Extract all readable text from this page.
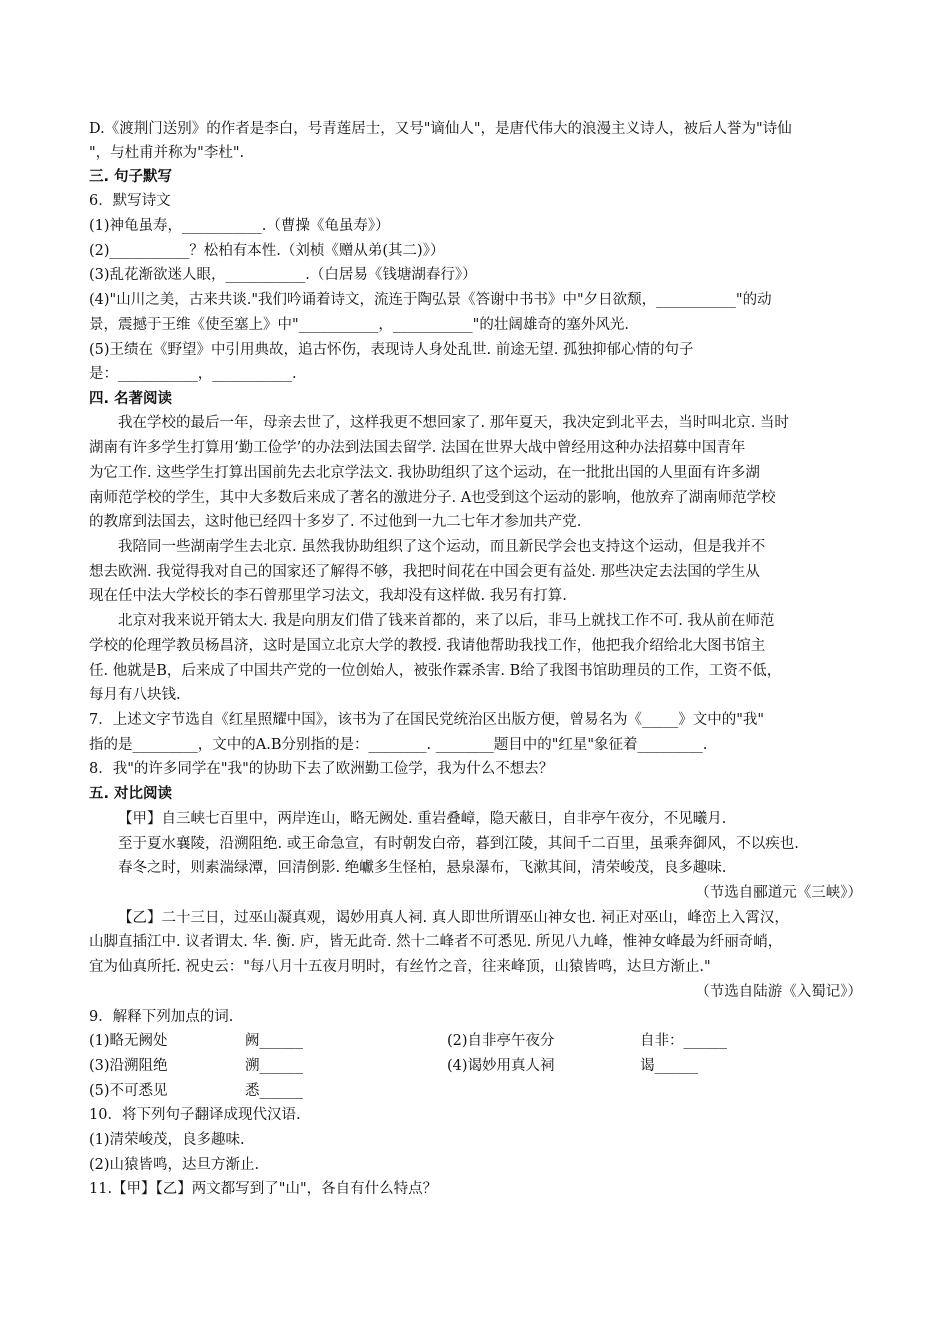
D.《渡荆门送别》的作者是李白，号青莲居士，又号"谪仙人"，是唐代伟大的浪漫主义诗人，被后人誉为"诗仙
"，与杜甫并称为"李杜".
三. 句子默写
6．默写诗文
(1)神龟虽寿，___________.（曹操《龟虽寿》）
(2)___________？松柏有本性.（刘桢《赠从弟(其二)》）
(3)乱花渐欲迷人眼，___________.（白居易《钱塘湖春行》）
(4)"山川之美，古来共谈."我们吟诵着诗文，流连于陶弘景《答谢中书书》中"夕日欲颓，___________"的动
景，震撼于王维《使至塞上》中"___________，___________"的壮阔雄奇的塞外风光.
(5)王绩在《野望》中引用典故，追古怀伤，表现诗人身处乱世. 前途无望. 孤独抑郁心情的句子
是：___________，___________.
四. 名著阅读
我在学校的最后一年，母亲去世了，这样我更不想回家了. 那年夏天，我决定到北平去，当时叫北京. 当时
湖南有许多学生打算用‘勤工俭学’的办法到法国去留学. 法国在世界大战中曾经用这种办法招募中国青年
为它工作. 这些学生打算出国前先去北京学法文. 我协助组织了这个运动，在一批批出国的人里面有许多湖
南师范学校的学生，其中大多数后来成了著名的激进分子. A也受到这个运动的影响，他放弃了湖南师范学校
的教席到法国去，这时他已经四十多岁了. 不过他到一九二七年才参加共产党.
我陪同一些湖南学生去北京. 虽然我协助组织了这个运动，而且新民学会也支持这个运动，但是我并不
想去欧洲. 我觉得我对自己的国家还了解得不够，我把时间花在中国会更有益处. 那些决定去法国的学生从
现在任中法大学校长的李石曾那里学习法文，我却没有这样做. 我另有打算.
北京对我来说开销太大. 我是向朋友们借了钱来首都的，来了以后，非马上就找工作不可. 我从前在师范
学校的伦理学教员杨昌济，这时是国立北京大学的教授. 我请他帮助我找工作，他把我介绍给北大图书馆主
任. 他就是B，后来成了中国共产党的一位创始人，被张作霖杀害. B给了我图书馆助理员的工作，工资不低，
每月有八块钱.
7．上述文字节选自《红星照耀中国》，该书为了在国民党统治区出版方便，曾易名为《_____》文中的"我"
指的是_________，文中的A.B分别指的是：________. ________题目中的"红星"象征着_________.
8．我"的许多同学在"我"的协助下去了欧洲勤工俭学，我为什么不想去？
五. 对比阅读
【甲】自三峡七百里中，两岸连山，略无阙处. 重岩叠嶂，隐天蔽日，自非亭午夜分，不见曦月.
至于夏水襄陵，沿溯阻绝. 或王命急宣，有时朝发白帝，暮到江陵，其间千二百里，虽乘奔御风，不以疾也.
春冬之时，则素湍绿潭，回清倒影. 绝巘多生怪柏，悬泉瀑布，飞漱其间，清荣峻茂，良多趣味.
（节选自郦道元《三峡》）
【乙】二十三日，过巫山凝真观，谒妙用真人祠. 真人即世所谓巫山神女也. 祠正对巫山，峰峦上入霄汉，
山脚直插江中. 议者谓太. 华. 衡. 庐，皆无此奇. 然十二峰者不可悉见. 所见八九峰，惟神女峰最为纤丽奇峭，
宜为仙真所托. 祝史云："每八月十五夜月明时，有丝竹之音，往来峰顶，山猿皆鸣，达旦方渐止."
（节选自陆游《入蜀记》）
9．解释下列加点的词.
(1)略无阙处	阙______	(2)自非亭午夜分	自非：______
(3)沿溯阻绝	溯______	(4)谒妙用真人祠	谒______
(5)不可悉见	悉______
10．将下列句子翻译成现代汉语.
(1)清荣峻茂，良多趣味.
(2)山猿皆鸣，达旦方渐止.
11.【甲】【乙】两文都写到了"山"，各自有什么特点？
